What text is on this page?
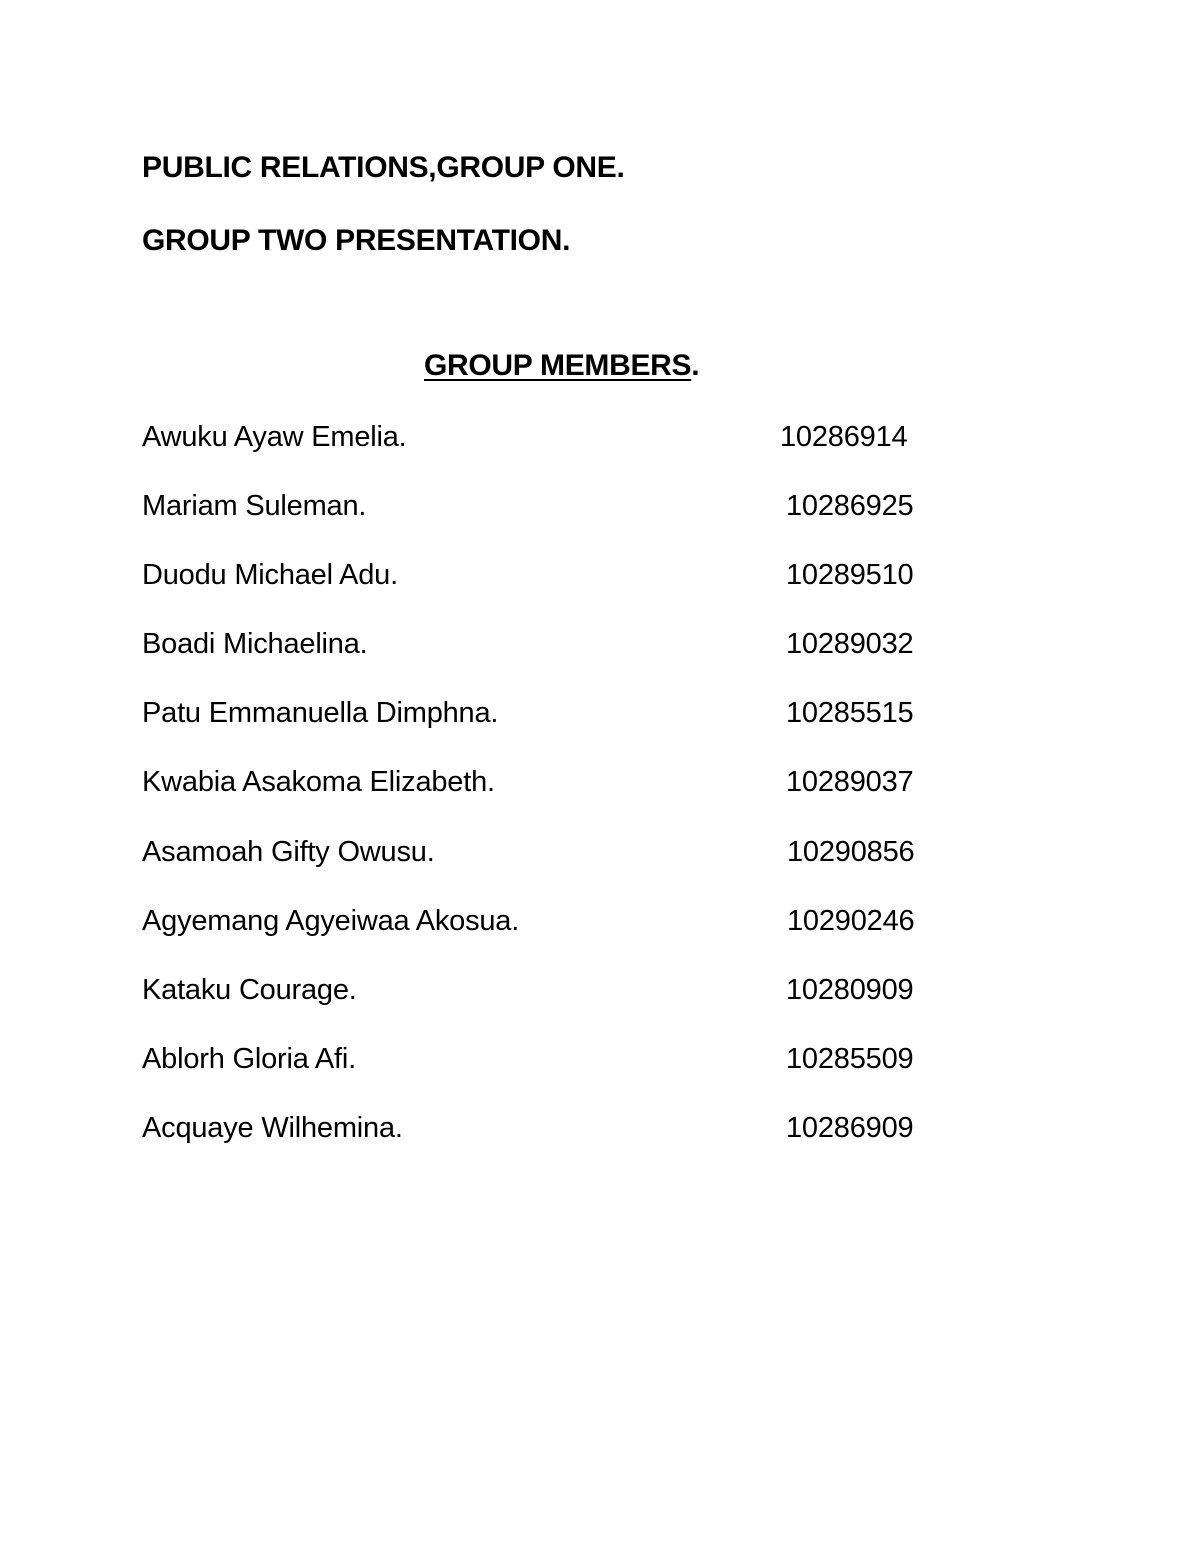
PUBLIC RELATIONS,GROUP ONE.
GROUP TWO PRESENTATION.
GROUP MEMBERS.
Awuku Ayaw Emelia.	10286914
Mariam Suleman.	10286925
Duodu Michael Adu.	10289510
Boadi Michaelina.	10289032
Patu Emmanuella Dimphna.	10285515
Kwabia Asakoma Elizabeth.	10289037
Asamoah Gifty Owusu.	10290856
Agyemang Agyeiwaa Akosua.	10290246
Kataku Courage.	10280909
Ablorh Gloria Afi.	10285509
Acquaye Wilhemina.	10286909
